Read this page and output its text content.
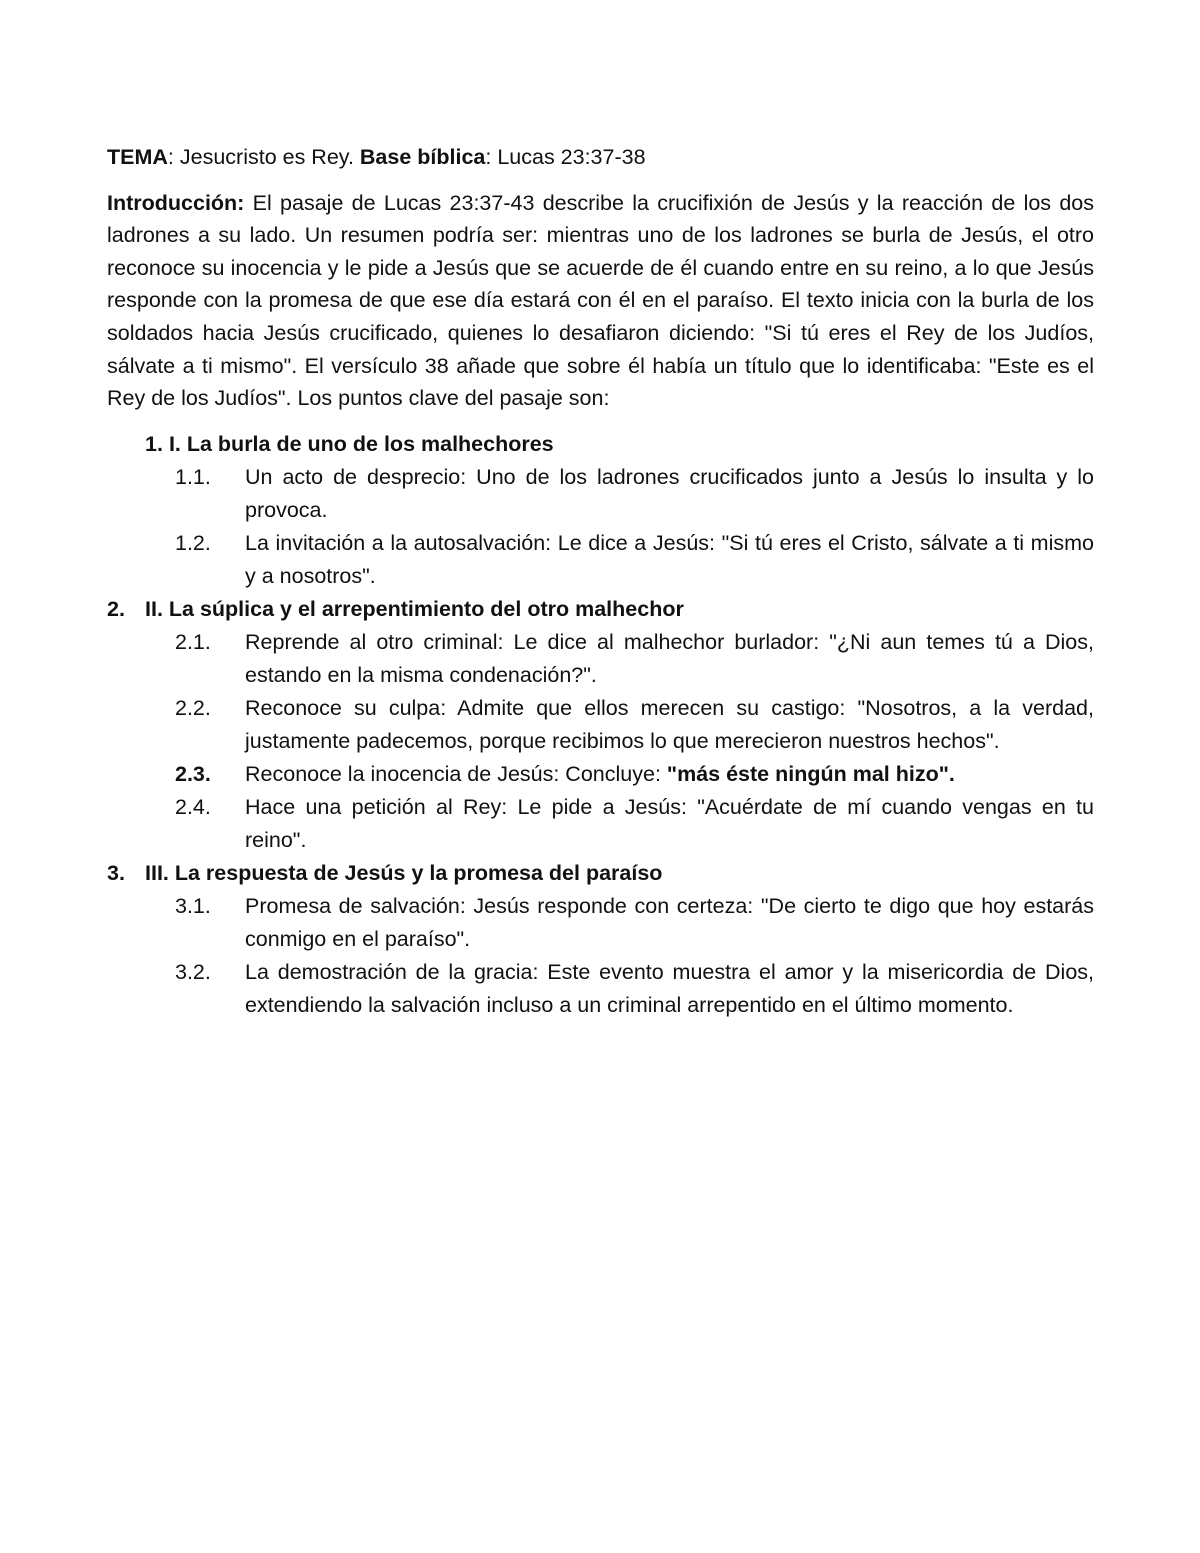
TEMA: Jesucristo es Rey. Base bíblica: Lucas 23:37-38
Introducción: El pasaje de Lucas 23:37-43 describe la crucifixión de Jesús y la reacción de los dos ladrones a su lado. Un resumen podría ser: mientras uno de los ladrones se burla de Jesús, el otro reconoce su inocencia y le pide a Jesús que se acuerde de él cuando entre en su reino, a lo que Jesús responde con la promesa de que ese día estará con él en el paraíso. El texto inicia con la burla de los soldados hacia Jesús crucificado, quienes lo desafiaron diciendo: "Si tú eres el Rey de los Judíos, sálvate a ti mismo". El versículo 38 añade que sobre él había un título que lo identificaba: "Este es el Rey de los Judíos". Los puntos clave del pasaje son:
1. I. La burla de uno de los malhechores
1.1.	Un acto de desprecio: Uno de los ladrones crucificados junto a Jesús lo insulta y lo provoca.
1.2.	La invitación a la autosalvación: Le dice a Jesús: "Si tú eres el Cristo, sálvate a ti mismo y a nosotros".
2. II. La súplica y el arrepentimiento del otro malhechor
2.1.	Reprende al otro criminal: Le dice al malhechor burlador: "¿Ni aun temes tú a Dios, estando en la misma condenación?".
2.2.	Reconoce su culpa: Admite que ellos merecen su castigo: "Nosotros, a la verdad, justamente padecemos, porque recibimos lo que merecieron nuestros hechos".
2.3.	Reconoce la inocencia de Jesús: Concluye: "más éste ningún mal hizo".
2.4.	Hace una petición al Rey: Le pide a Jesús: "Acuérdate de mí cuando vengas en tu reino".
3. III. La respuesta de Jesús y la promesa del paraíso
3.1.	Promesa de salvación: Jesús responde con certeza: "De cierto te digo que hoy estarás conmigo en el paraíso".
3.2.	La demostración de la gracia: Este evento muestra el amor y la misericordia de Dios, extendiendo la salvación incluso a un criminal arrepentido en el último momento.
